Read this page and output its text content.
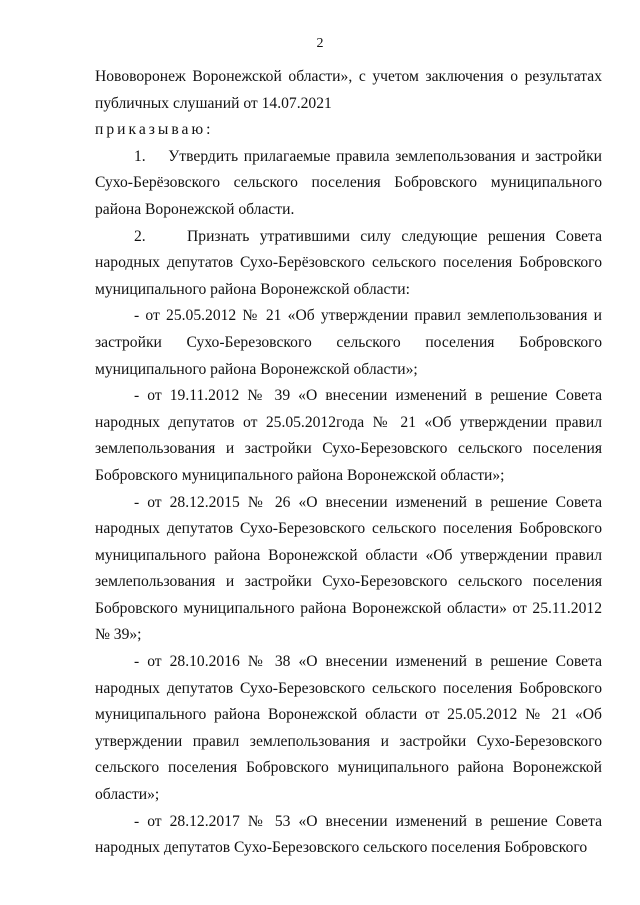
2

Нововоронеж Воронежской области», с учетом заключения о результатах публичных слушаний от 14.07.2021

приказываю:

1.    Утвердить прилагаемые правила землепользования и застройки Сухо-Берёзовского сельского поселения Бобровского муниципального района Воронежской области.

2.    Признать утратившими силу следующие решения Совета народных депутатов Сухо-Берёзовского сельского поселения Бобровского муниципального района Воронежской области:

- от 25.05.2012 № 21 «Об утверждении правил землепользования и застройки Сухо-Березовского сельского поселения Бобровского муниципального района Воронежской области»;

- от 19.11.2012 № 39 «О внесении изменений в решение Совета народных депутатов от 25.05.2012года № 21 «Об утверждении правил землепользования и застройки Сухо-Березовского сельского поселения Бобровского муниципального района Воронежской области»;

- от 28.12.2015 № 26 «О внесении изменений в решение Совета народных депутатов Сухо-Березовского сельского поселения Бобровского муниципального района Воронежской области «Об утверждении правил землепользования и застройки Сухо-Березовского сельского поселения Бобровского муниципального района Воронежской области» от 25.11.2012 № 39»;

- от 28.10.2016 № 38 «О внесении изменений в решение Совета народных депутатов Сухо-Березовского сельского поселения Бобровского муниципального района Воронежской области от 25.05.2012 № 21 «Об утверждении правил землепользования и застройки Сухо-Березовского сельского поселения Бобровского муниципального района Воронежской области»;

- от 28.12.2017 № 53 «О внесении изменений в решение Совета народных депутатов Сухо-Березовского сельского поселения Бобровского
